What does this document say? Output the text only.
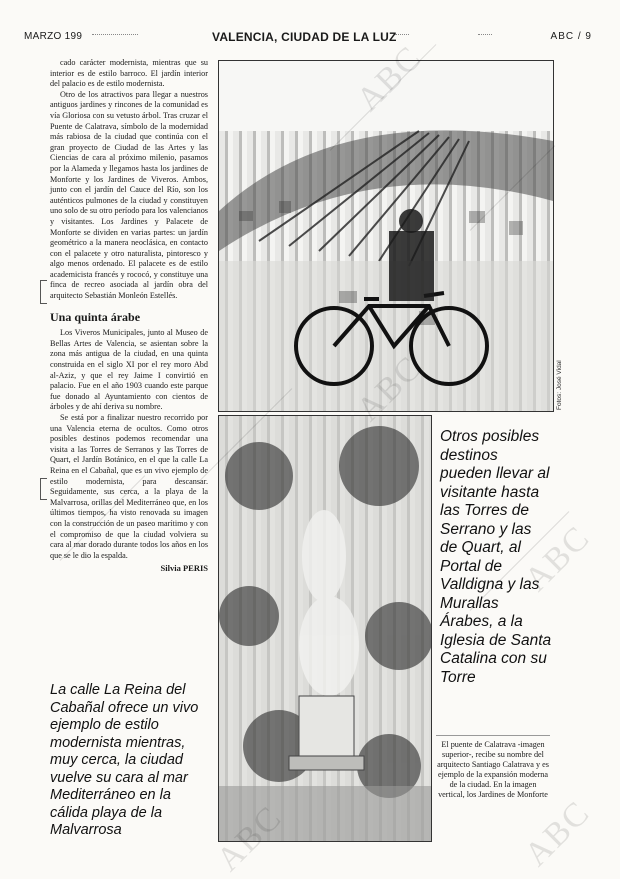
MARZO 199	VALENCIA, CIUDAD DE LA LUZ	ABC / 9

cado carácter modernista, mientras que su interior es de estilo barroco. El jardín interior del palacio es de estilo modernista.

Otro de los atractivos para llegar a nuestros antiguos jardines y rincones de la comunidad es vía Gloriosa con su vetusto árbol. Tras cruzar el Puente de Calatrava, símbolo de la modernidad más rabiosa de la ciudad que continúa con el gran proyecto de Ciudad de las Artes y las Ciencias de cara al próximo milenio, pasamos por la Alameda y llegamos hasta los jardines de Monforte y los Jardines de Viveros. Ambos, junto con el jardín del Cauce del Río, son los auténticos pulmones de la ciudad y constituyen uno solo de su otro período para los valencianos y visitantes. Los Jardines y Palacete de Monforte se dividen en varias partes: un jardín geométrico a la manera neoclásica, en contacto con el palacete y otro naturalista, pintoresco y algo menos ordenado. El palacete es de estilo academicista francés y rococó, y constituye una finca de recreo asociada al jardín obra del arquitecto Sebastián Monleón Estellés.

Una quinta árabe

Los Viveros Municipales, junto al Museo de Bellas Artes de Valencia, se asientan sobre la zona más antigua de la ciudad, en una quinta construida en el siglo XI por el rey moro Abd al-Aziz, y que el rey Jaime I convirtió en palacio. Fue en el año 1903 cuando este parque fue donado al Ayuntamiento con cientos de árboles y de ahí deriva su nombre.

Se está por a finalizar nuestro recorrido por una Valencia eterna de ocultos. Como otros posibles destinos podemos recomendar una visita a las Torres de Serranos y las Torres de Quart, el Jardín Botánico, en el que la calle La Reina en el Cabañal, que es un vivo ejemplo de estilo modernista, para descansar. Seguidamente, sus cerca, a la playa de la Malvarrosa, orillas del Mediterráneo que, en los últimos tiempos, ha visto renovada su imagen con la construcción de un paseo marítimo y con el compromiso de que la ciudad volviera su cara al mar dorado durante todos los años en los que se le dio la espalda.

Silvia PERIS
La calle La Reina del Cabañal ofrece un vivo ejemplo de estilo modernista mientras, muy cerca, la ciudad vuelve su cara al mar Mediterráneo en la cálida playa de la Malvarrosa
Fotos: José Vidal
Otros posibles destinos pueden llevar al visitante hasta las Torres de Serrano y las de Quart, al Portal de Valldigna y las Murallas Árabes, a la Iglesia de Santa Catalina con su Torre
El puente de Calatrava -imagen superior-, recibe su nombre del arquitecto Santiago Calatrava y es ejemplo de la expansión moderna de la ciudad. En la imagen vertical, los Jardines de Monforte
ABC
ABC
